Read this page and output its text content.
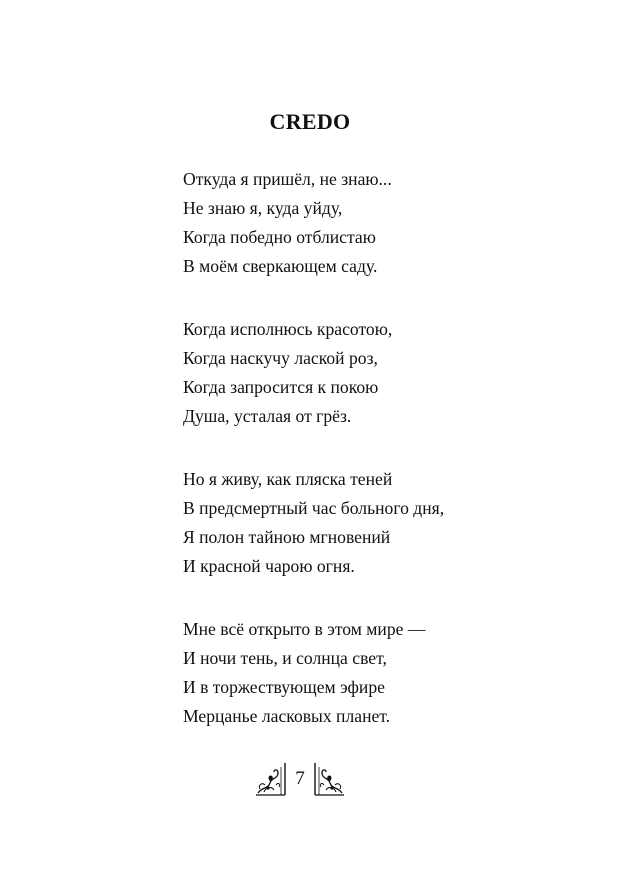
CREDO
Откуда я пришёл, не знаю...
Не знаю я, куда уйду,
Когда победно отблистаю
В моём сверкающем саду.
Когда исполнюсь красотою,
Когда наскучу лаской роз,
Когда запросится к покою
Душа, усталая от грёз.
Но я живу, как пляска теней
В предсмертный час больного дня,
Я полон тайною мгновений
И красной чарою огня.
Мне всё открыто в этом мире —
И ночи тень, и солнца свет,
И в торжествующем эфире
Мерцанье ласковых планет.
7
